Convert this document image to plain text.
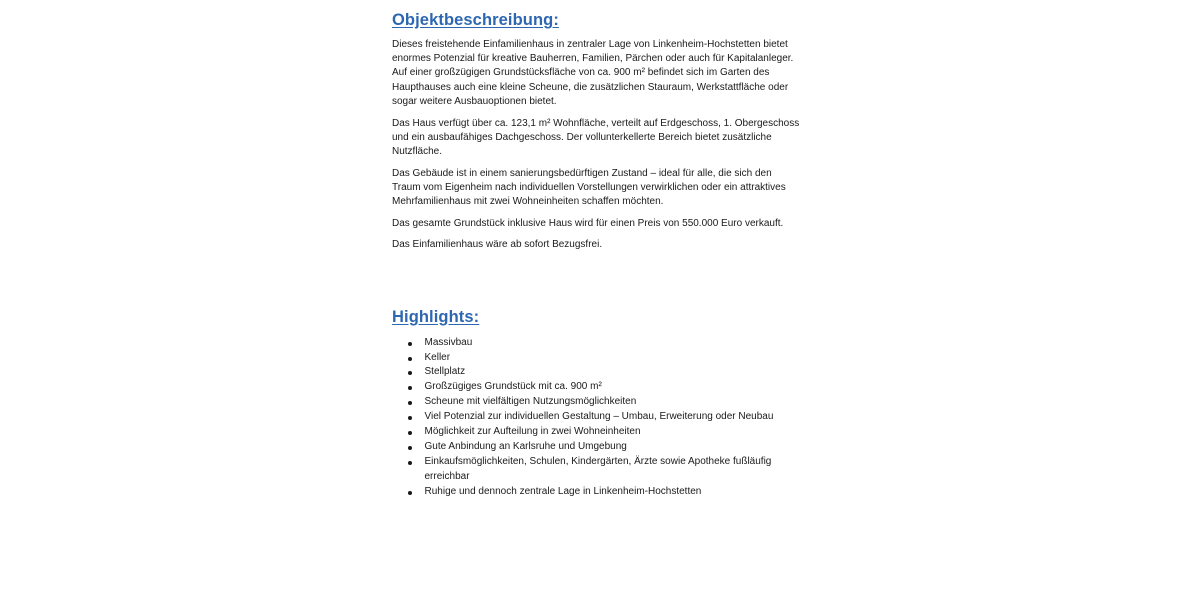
Objektbeschreibung:

Dieses freistehende Einfamilienhaus in zentraler Lage von Linkenheim-Hochstetten bietet enormes Potenzial für kreative Bauherren, Familien, Pärchen oder auch für Kapitalanleger. Auf einer großzügigen Grundstücksfläche von ca. 900 m² befindet sich im Garten des Haupthauses auch eine kleine Scheune, die zusätzlichen Stauraum, Werkstattfläche oder sogar weitere Ausbauoptionen bietet.

Das Haus verfügt über ca. 123,1 m² Wohnfläche, verteilt auf Erdgeschoss, 1. Obergeschoss und ein ausbaufähiges Dachgeschoss. Der vollunterkellerte Bereich bietet zusätzliche Nutzfläche.

Das Gebäude ist in einem sanierungsbedürftigen Zustand – ideal für alle, die sich den Traum vom Eigenheim nach individuellen Vorstellungen verwirklichen oder ein attraktives Mehrfamilienhaus mit zwei Wohneinheiten schaffen möchten.

Das gesamte Grundstück inklusive Haus wird für einen Preis von 550.000 Euro verkauft.

Das Einfamilienhaus wäre ab sofort Bezugsfrei.

Highlights:
Massivbau
Keller
Stellplatz
Großzügiges Grundstück mit ca. 900 m²
Scheune mit vielfältigen Nutzungsmöglichkeiten
Viel Potenzial zur individuellen Gestaltung – Umbau, Erweiterung oder Neubau
Möglichkeit zur Aufteilung in zwei Wohneinheiten
Gute Anbindung an Karlsruhe und Umgebung
Einkaufsmöglichkeiten, Schulen, Kindergärten, Ärzte sowie Apotheke fußläufig erreichbar
Ruhige und dennoch zentrale Lage in Linkenheim-Hochstetten
